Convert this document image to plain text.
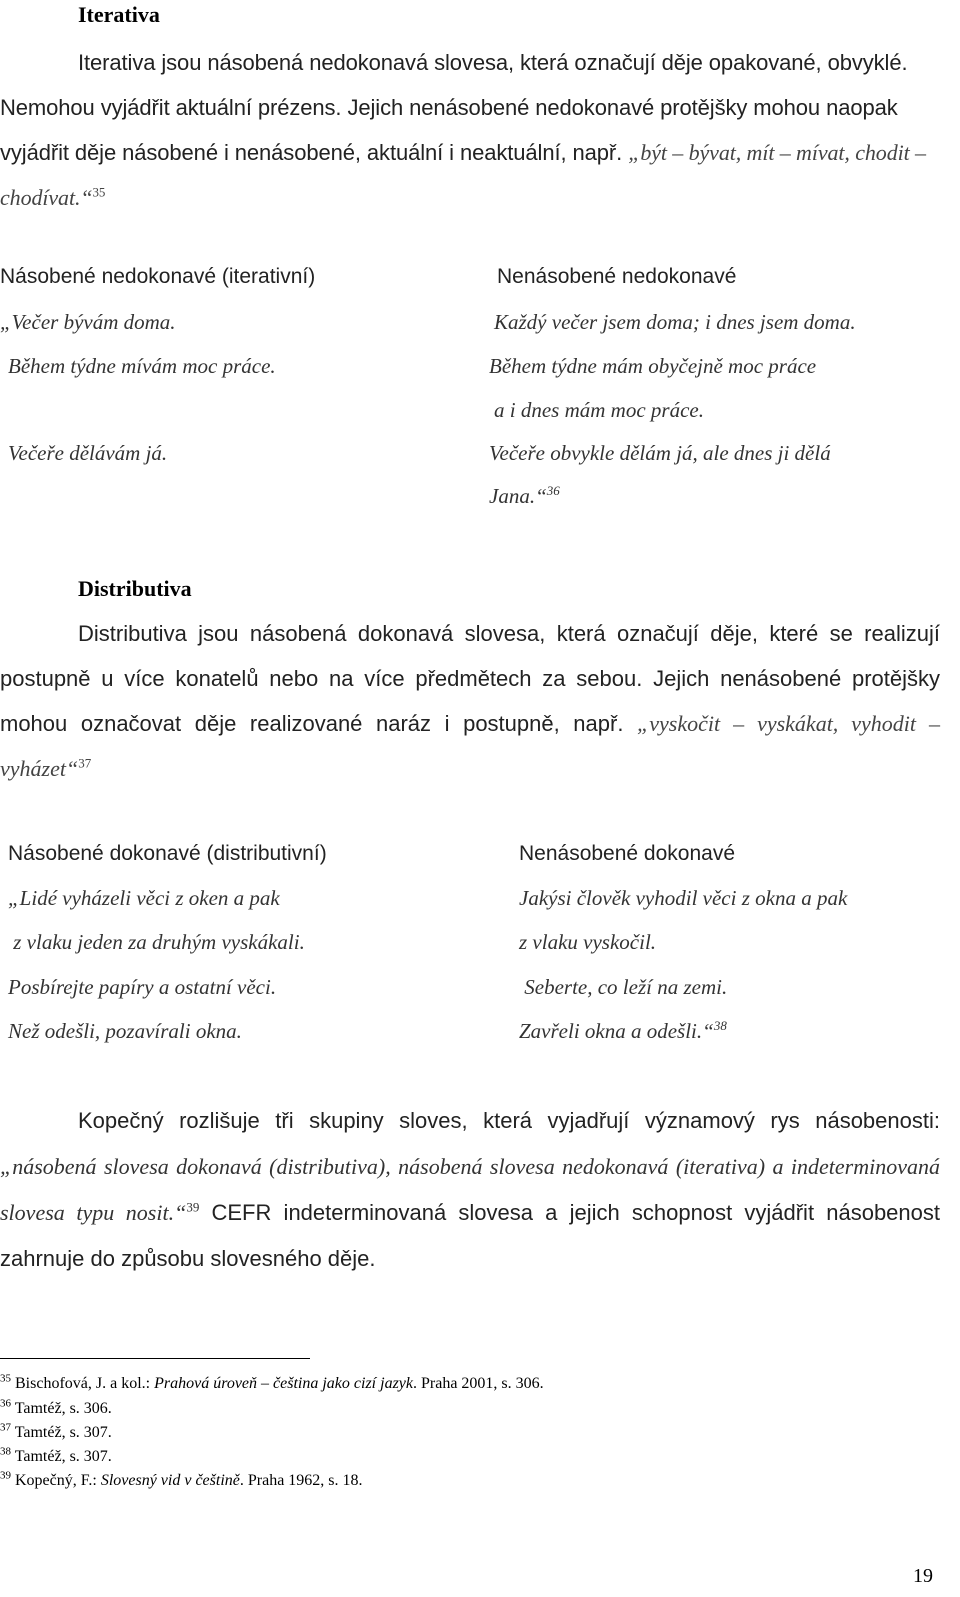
Iterativa
Iterativa jsou násobená nedokonavá slovesa, která označují děje opakované, obvyklé. Nemohou vyjádřit aktuální prézens. Jejich nenásobené nedokonavé protějšky mohou naopak vyjádřit děje násobené i nenásobené, aktuální i neaktuální, např. „být – bývat, mít – mívat, chodit – chodívat.“$^{35}$
Násobené nedokonavé (iterativní)	Nenásobené nedokonavé
„Večer bývám doma.
Během týdne mívám moc práce.
Večeře dělávám já.
Každý večer jsem doma; i dnes jsem doma.
Během týdne mám obyčejně moc práce
a i dnes mám moc práce.
Večeře obvykle dělám já, ale dnes ji dělá
Jana.“$^{36}$
Distributiva
Distributiva jsou násobená dokonavá slovesa, která označují děje, které se realizují postupně u více konatelů nebo na více předmětech za sebou. Jejich nenásobené protějšky mohou označovat děje realizované naráz i postupně, např. „vyskočit – vyskákat, vyhodit – vyházet“$^{37}$
Násobené dokonavé (distributivní)	Nenásobené dokonavé
„Lidé vyházeli věci z oken a pak
z vlaku jeden za druhým vyskákali.
Posbírejte papíry a ostatní věci.
Než odešli, pozavírali okna.
Jakýsi člověk vyhodil věci z okna a pak
z vlaku vyskočil.
Seberte, co leží na zemi.
Zavřeli okna a odešli.“$^{38}$
Kopečný rozlišuje tři skupiny sloves, která vyjadřují významový rys násobenosti: „násobená slovesa dokonavá (distributiva), násobená slovesa nedokonavá (iterativa) a indeterminovaná slovesa typu nosit.“$^{39}$ CEFR indeterminovaná slovesa a jejich schopnost vyjádřit násobenost zahrnuje do způsobu slovesného děje.
$^{35}$ Bischofová, J. a kol.: Prahová úroveň – čeština jako cizí jazyk. Praha 2001, s. 306.
$^{36}$ Tamtéž, s. 306.
$^{37}$ Tamtéž, s. 307.
$^{38}$ Tamtéž, s. 307.
$^{39}$ Kopečný, F.: Slovesný vid v češtině. Praha 1962, s. 18.
19
